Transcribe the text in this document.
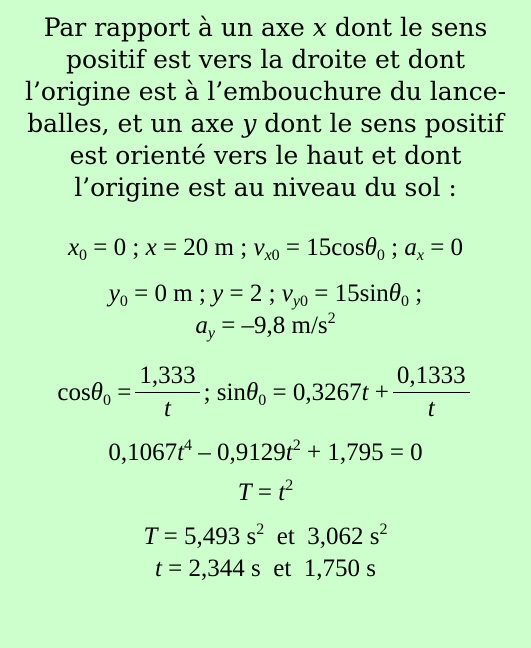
Par rapport à un axe x dont le sens
positif est vers la droite et dont
l’origine est à l’embouchure du lance-
balles, et un axe y dont le sens positif
est orienté vers le haut et dont
l’origine est au niveau du sol :
$x_0 = 0$ ; x = 20 m ; $v_{x0} = 15\cos\theta_0$ ; $a_x = 0$
$y_0 = 0$ m ; y = 2 ; $v_{y0} = 15\sin\theta_0$ ;
$a_y = -9,8$ $m/s^2$
$\cos\theta_0 = \frac{1,333}{t}$ ; $\sin\theta_0 = 0,3267t + \frac{0,1333}{t}$
$0,1067t^4 - 0,9129t^2 + 1,795 = 0$
$T = t^2$
T = 5,493 $s^2$  et  3,062 $s^2$
t = 2,344 s  et  1,750 s
